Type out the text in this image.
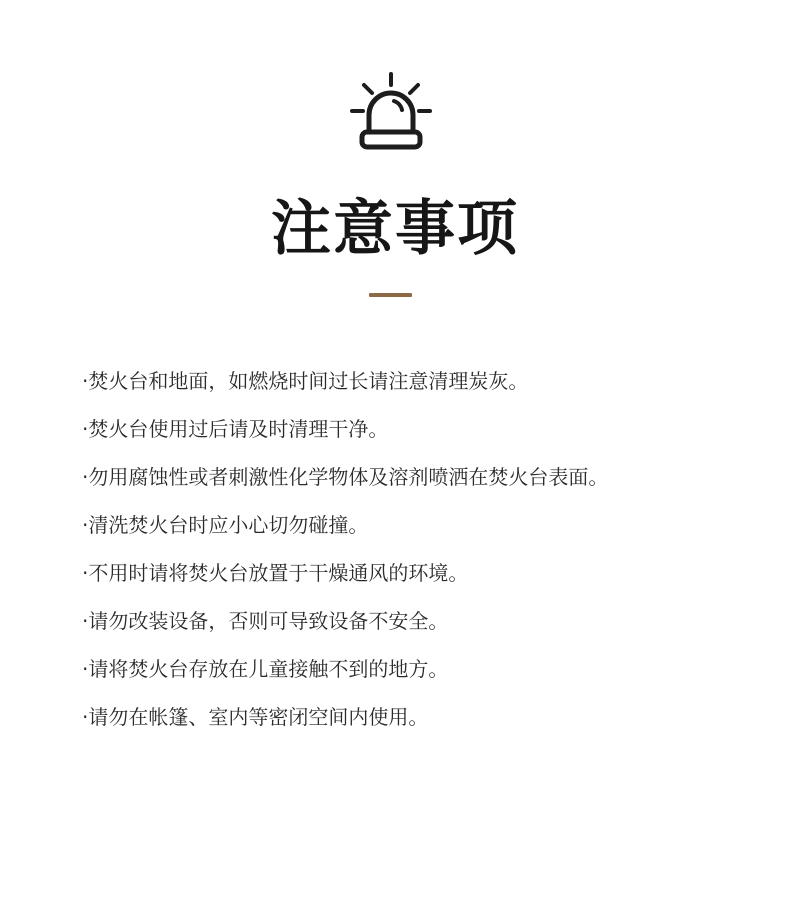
注意事项
·焚火台和地面，如燃烧时间过长请注意清理炭灰。
·焚火台使用过后请及时清理干净。
·勿用腐蚀性或者刺激性化学物体及溶剂喷洒在焚火台表面。
·清洗焚火台时应小心切勿碰撞。
·不用时请将焚火台放置于干燥通风的环境。
·请勿改装设备，否则可导致设备不安全。
·请将焚火台存放在儿童接触不到的地方。
·请勿在帐篷、室内等密闭空间内使用。
